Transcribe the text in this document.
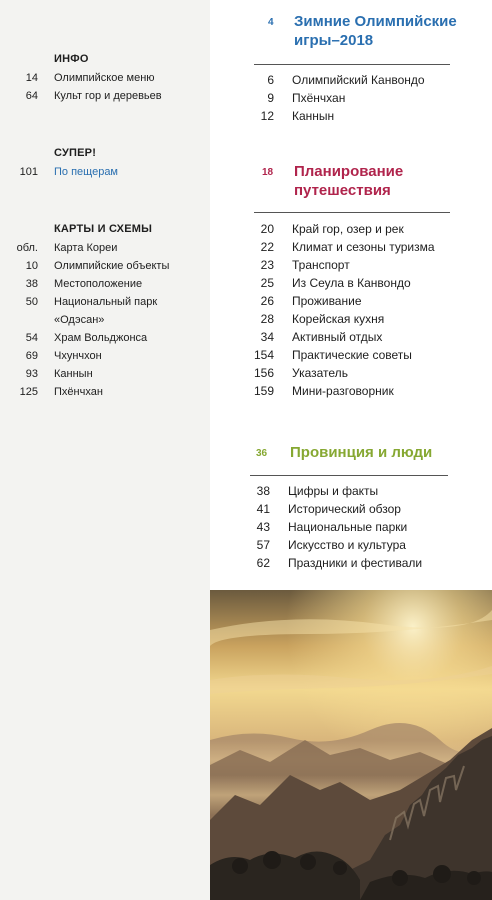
ИНФО
14 Олимпийское меню
64 Культ гор и деревьев
СУПЕР!
101 По пещерам
КАРТЫ И СХЕМЫ
обл. Карта Кореи
10 Олимпийские объекты
38 Местоположение
50 Национальный парк
«Одэсан»
54 Храм Вольджонса
69 Чхунчхон
93 Каннын
125 Пхёнчхан
4 Зимние Олимпийские
игры–2018
6 Олимпийский Канвондо
9 Пхёнчхан
12 Каннын
18 Планирование
путешествия
20 Край гор, озер и рек
22 Климат и сезоны туризма
23 Транспорт
25 Из Сеула в Канвондо
26 Проживание
28 Корейская кухня
34 Активный отдых
154 Практические советы
156 Указатель
159 Мини-разговорник
36 Провинция и люди
38 Цифры и факты
41 Исторический обзор
43 Национальные парки
57 Искусство и культура
62 Праздники и фестивали
